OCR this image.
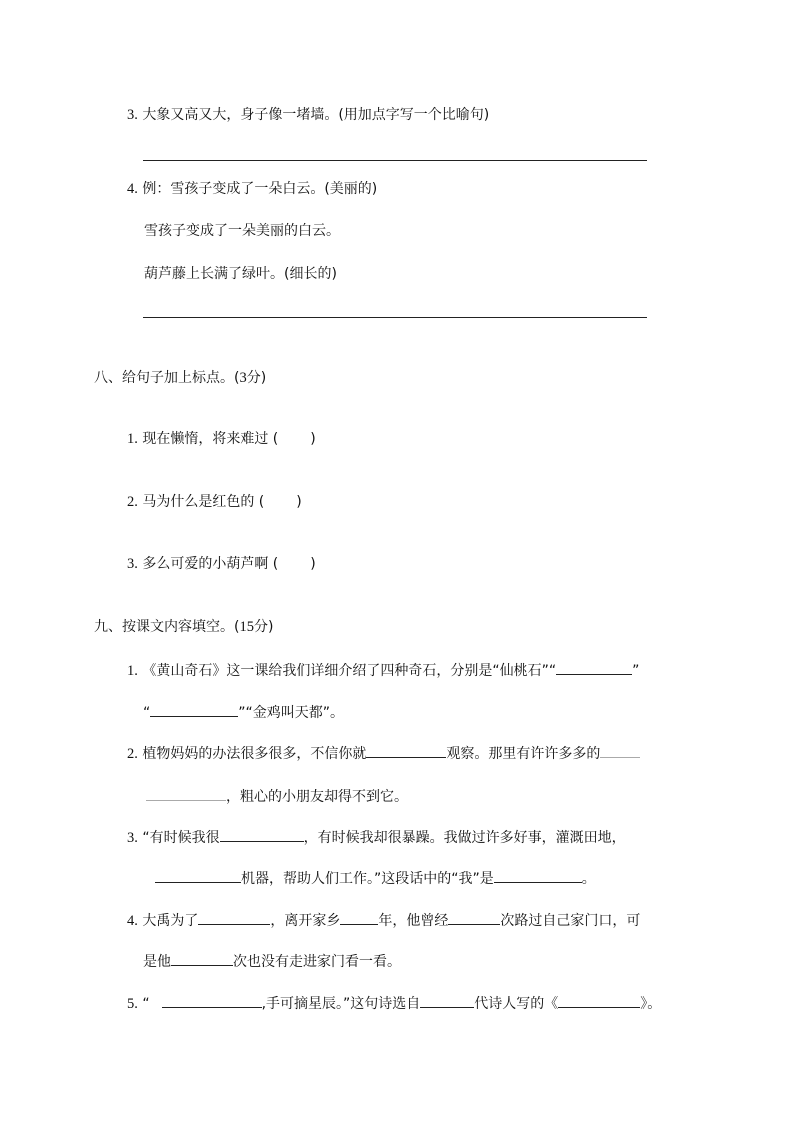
3. 大象又高又大，身子像一堵墙。(用加点字写一个比喻句)
4. 例：雪孩子变成了一朵白云。(美丽的)
雪孩子变成了一朵美丽的白云。
葫芦藤上长满了绿叶。(细长的)
八、给句子加上标点。(3分)
1. 现在懒惰，将来难过 ( )
2. 马为什么是红色的 ( )
3. 多么可爱的小葫芦啊 ( )
九、按课文内容填空。(15分)
1. 《黄山奇石》这一课给我们详细介绍了四种奇石，分别是“仙桃石”“	”
“	”“金鸡叫天都”。
2. 植物妈妈的办法很多很多，不信你就	观察。那里有许许多多的
，粗心的小朋友却得不到它。
3. “有时候我很	，有时候我却很暴躁。我做过许多好事，灌溉田地，
机器，帮助人们工作。”这段话中的“我”是	。
4. 大禹为了	，离开家乡	年，他曾经	次路过自己家门口，可
是他	次也没有走进家门看一看。
5. “	,手可摘星辰。”这句诗选自	代诗人写的《	》。
